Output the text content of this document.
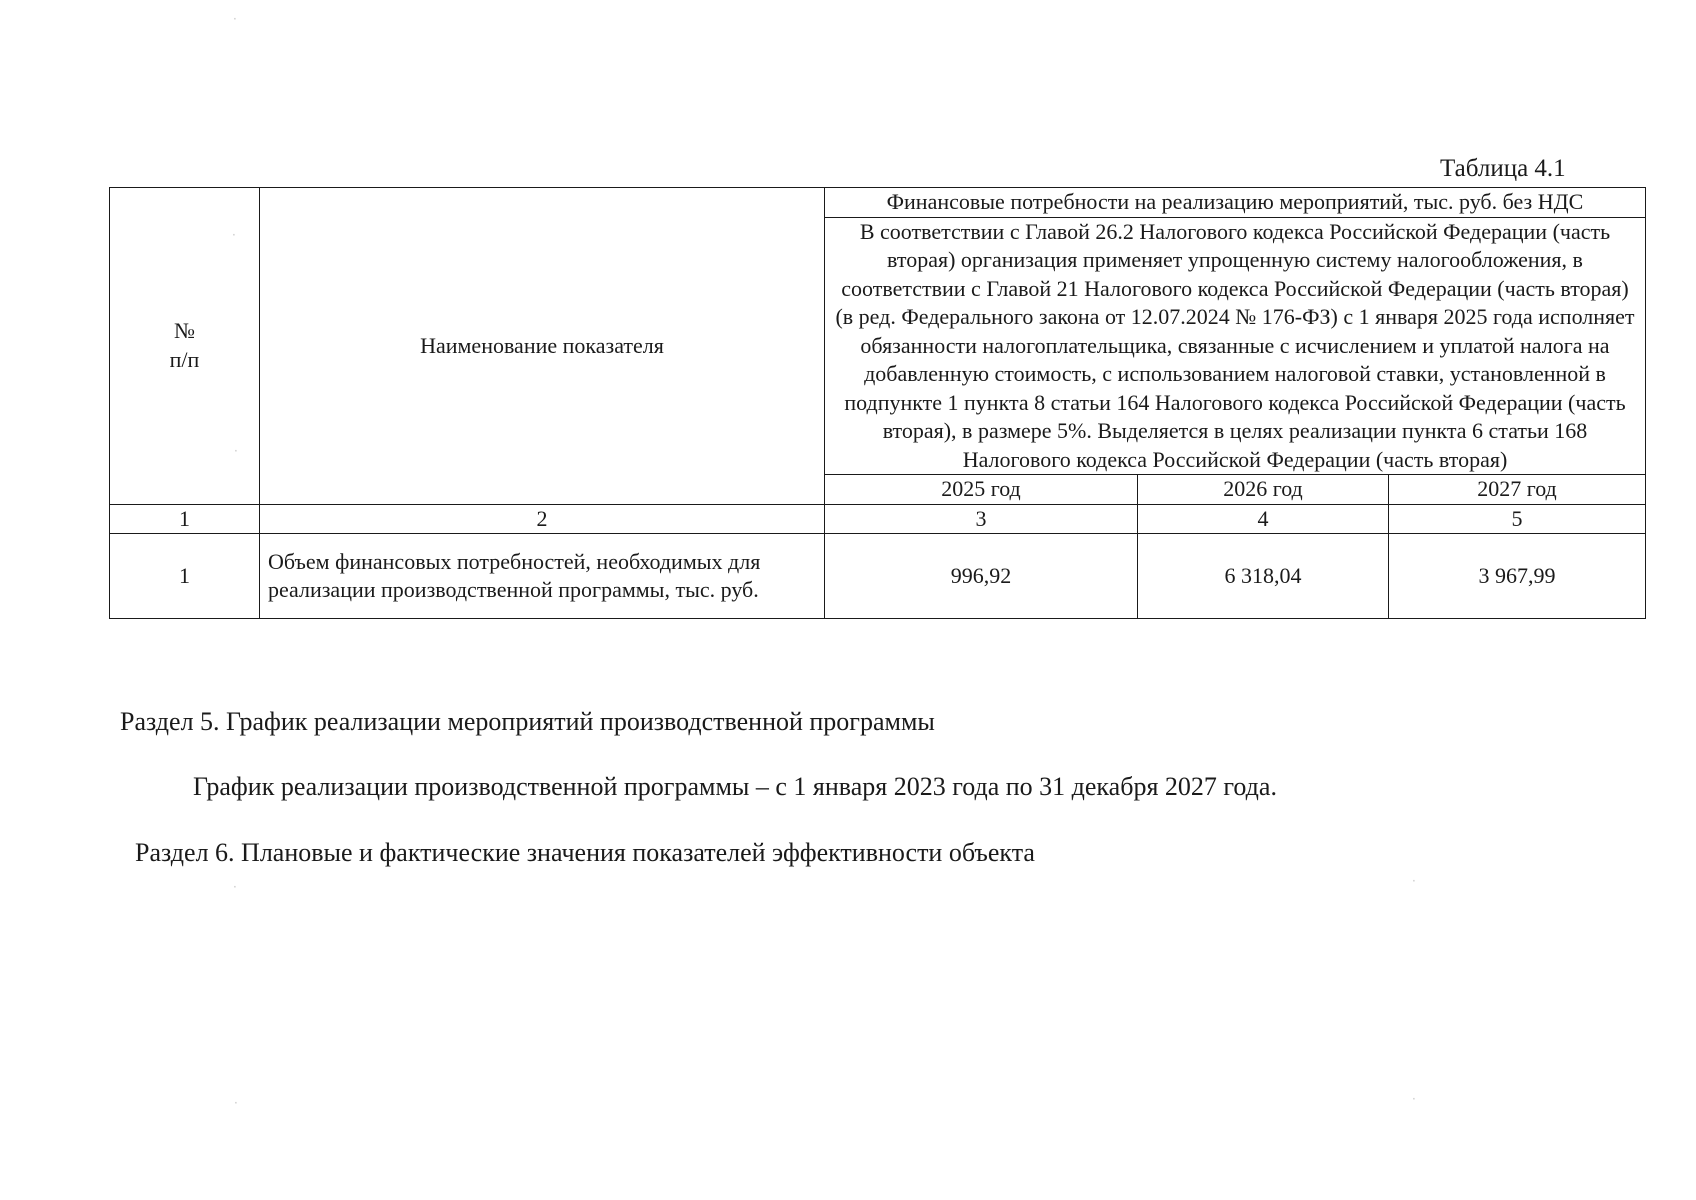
Таблица 4.1
№ п/п	Наименование показателя	Финансовые потребности на реализацию мероприятий, тыс. руб. без НДС		
		В соответствии с Главой 26.2 Налогового кодекса Российской Федерации (часть вторая) организация применяет упрощенную систему налогообложения, в соответствии с Главой 21 Налогового кодекса Российской Федерации (часть вторая) (в ред. Федерального закона от 12.07.2024 № 176-ФЗ) с 1 января 2025 года исполняет обязанности налогоплательщика, связанные с исчислением и уплатой налога на добавленную стоимость, с использованием налоговой ставки, установленной в подпункте 1 пункта 8 статьи 164 Налогового кодекса Российской Федерации (часть вторая), в размере 5%. Выделяется в целях реализации пункта 6 статьи 168 Налогового кодекса Российской Федерации (часть вторая)		
		2025 год	2026 год	2027 год
1	2	3	4	5
1	Объем финансовых потребностей, необходимых для реализации производственной программы, тыс. руб.	996,92	6 318,04	3 967,99
Раздел 5. График реализации мероприятий производственной программы
График реализации производственной программы – с 1 января 2023 года по 31 декабря 2027 года.
Раздел 6. Плановые и фактические значения показателей эффективности объекта
·
·
·
·
·
·
·
